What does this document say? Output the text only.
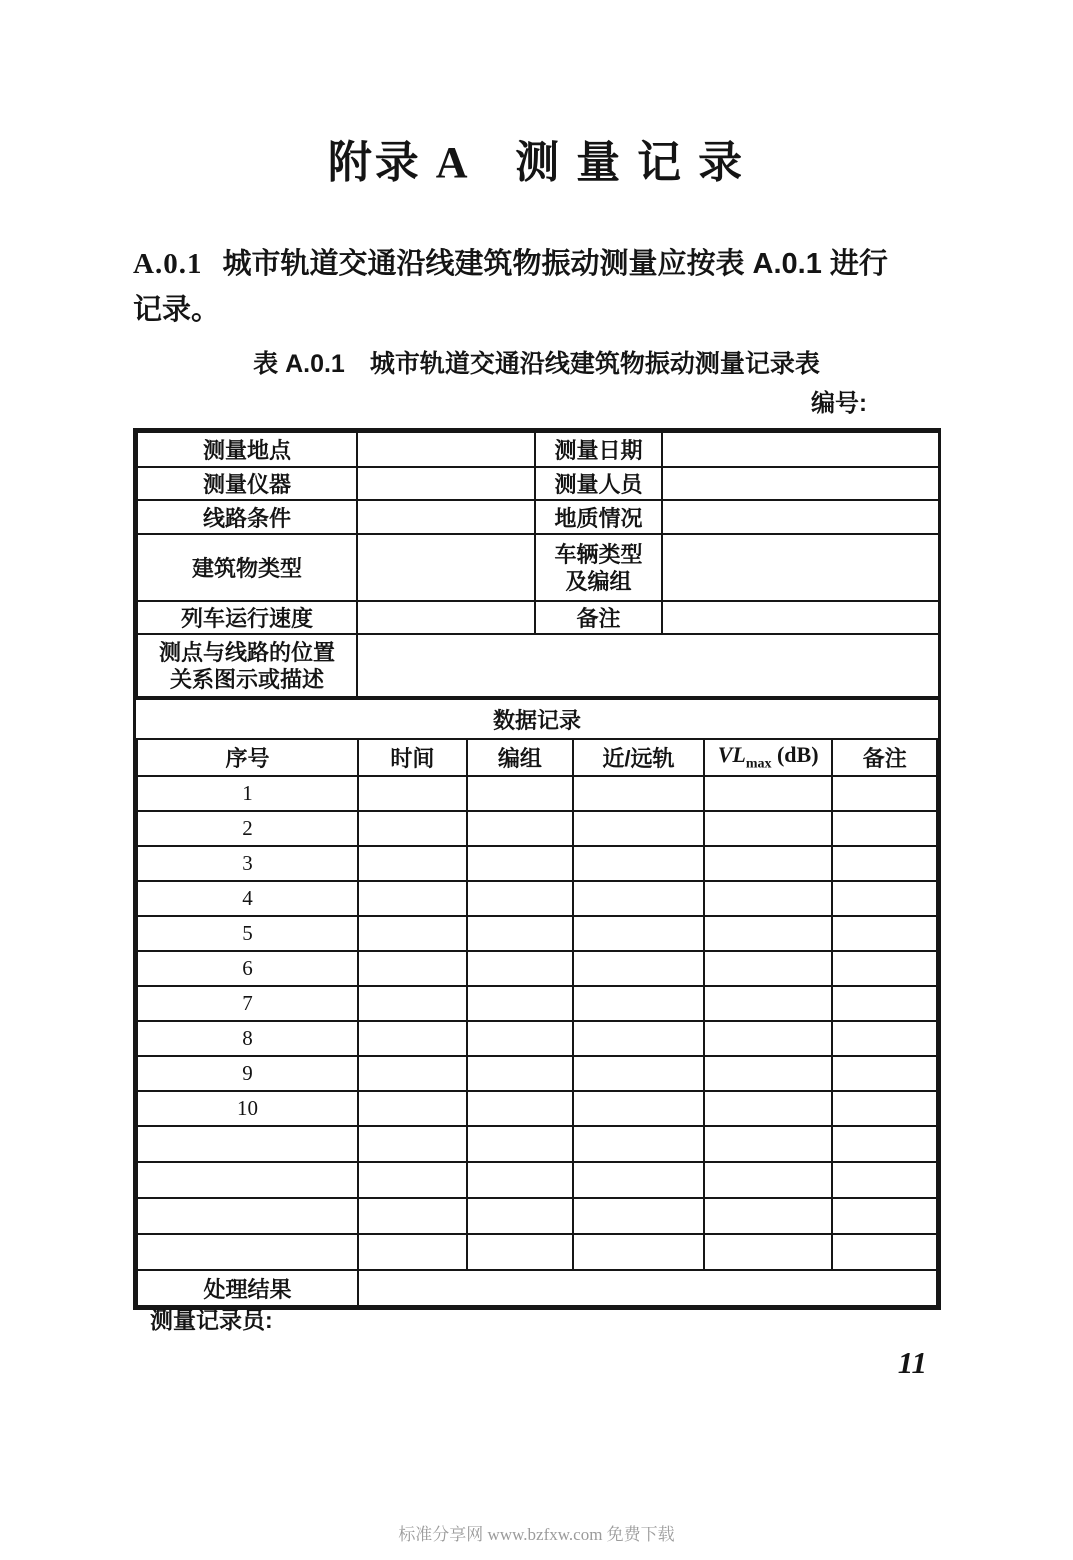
附录 A　测 量 记 录
A.0.1 城市轨道交通沿线建筑物振动测量应按表 A.0.1 进行
记录。
表 A.0.1　城市轨道交通沿线建筑物振动测量记录表
编号:
测量地点		测量日期	
测量仪器		测量人员	
线路条件		地质情况	
建筑物类型		车辆类型
及编组	

列车运行速度		备注	

测点与线路的位置
关系图示或描述			

数据记录
序号	时间	编组	近/远轨	$VL_{max}$ (dB)	备注
1					
2					
3					
4					
5					
6					
7					
8					
9					
10					

处理结果					
测量记录员:
11
标准分享网 www.bzfxw.com 免费下载
